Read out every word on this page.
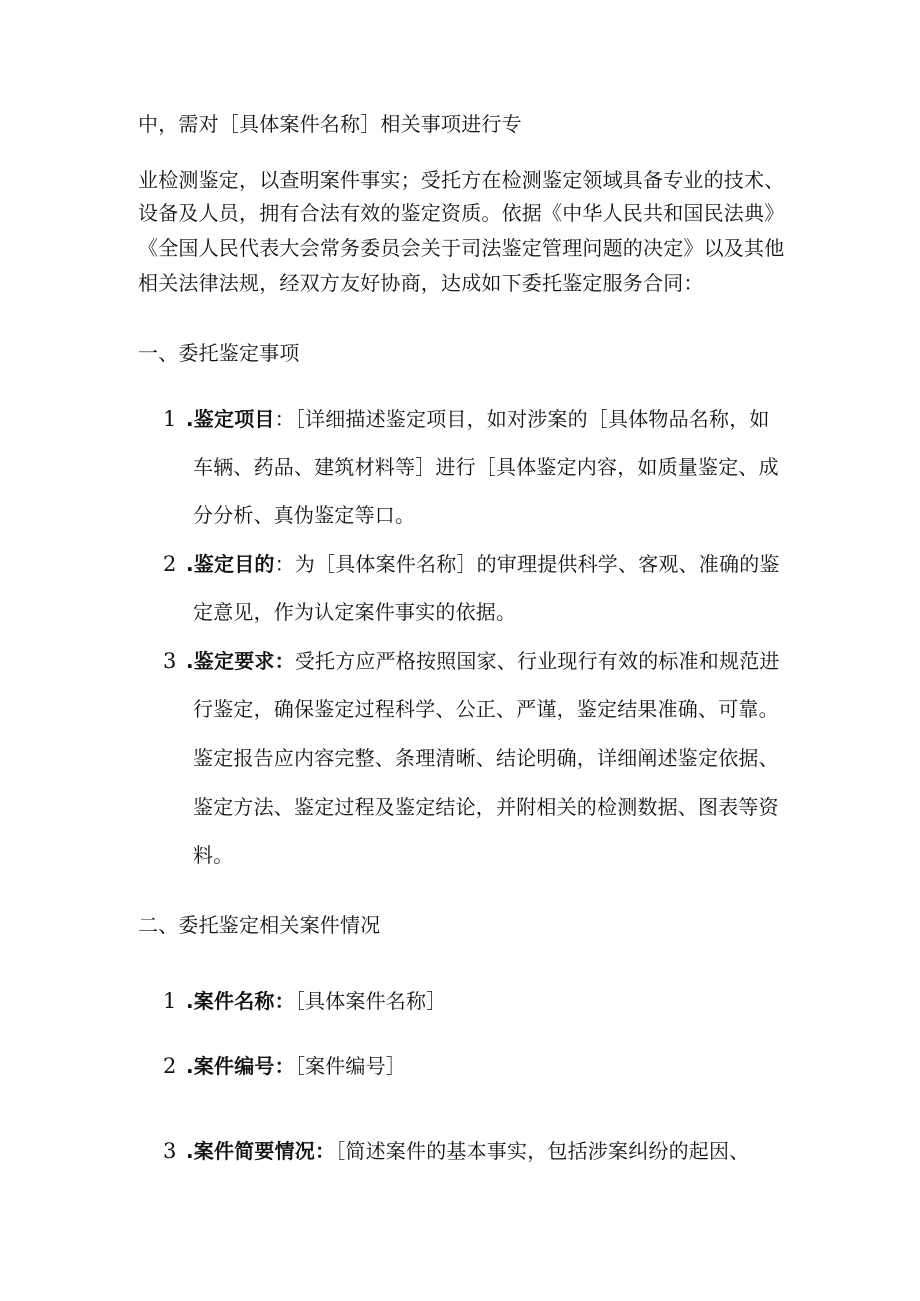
中，需对［具体案件名称］相关事项进行专
业检测鉴定，以查明案件事实；受托方在检测鉴定领域具备专业的技术、
设备及人员，拥有合法有效的鉴定资质。依据《中华人民共和国民法典》
《全国人民代表大会常务委员会关于司法鉴定管理问题的决定》以及其他
相关法律法规，经双方友好协商，达成如下委托鉴定服务合同：
一、委托鉴定事项
1 .鉴定项目：［详细描述鉴定项目，如对涉案的［具体物品名称，如
车辆、药品、建筑材料等］进行［具体鉴定内容，如质量鉴定、成
分分析、真伪鉴定等口。
2 .鉴定目的：为［具体案件名称］的审理提供科学、客观、准确的鉴
定意见，作为认定案件事实的依据。
3 .鉴定要求：受托方应严格按照国家、行业现行有效的标准和规范进
行鉴定，确保鉴定过程科学、公正、严谨，鉴定结果准确、可靠。
鉴定报告应内容完整、条理清晰、结论明确，详细阐述鉴定依据、
鉴定方法、鉴定过程及鉴定结论，并附相关的检测数据、图表等资
料。
二、委托鉴定相关案件情况
1 .案件名称：［具体案件名称］
2 .案件编号：［案件编号］
3 .案件简要情况：［简述案件的基本事实，包括涉案纠纷的起因、
